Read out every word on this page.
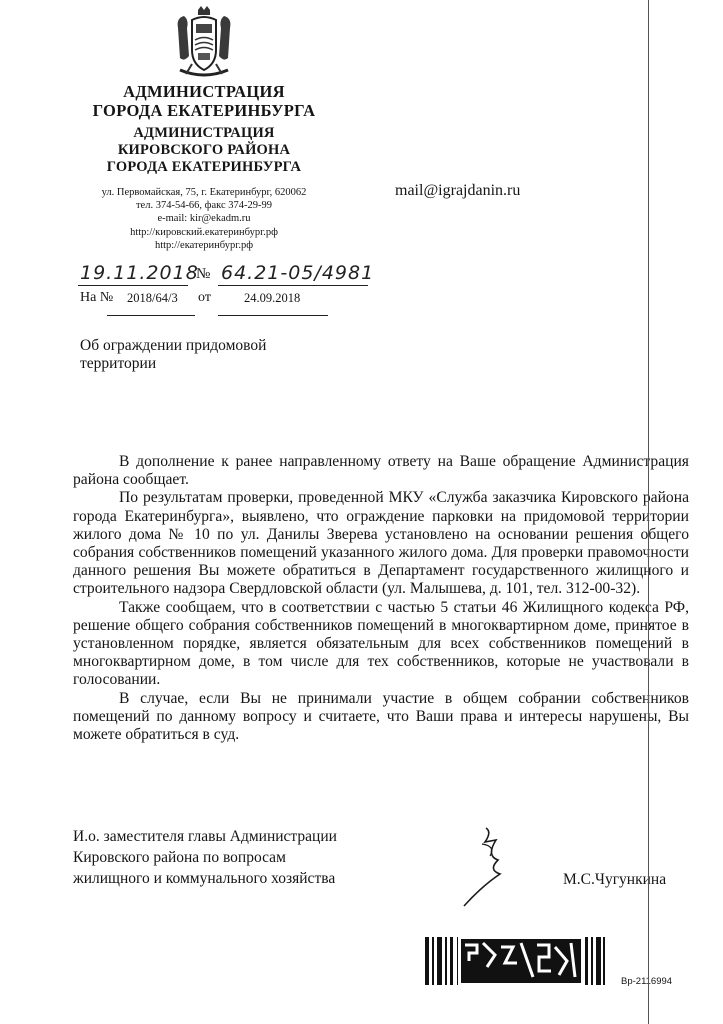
АДМИНИСТРАЦИЯ
ГОРОДА ЕКАТЕРИНБУРГА
АДМИНИСТРАЦИЯ
КИРОВСКОГО РАЙОНА
ГОРОДА ЕКАТЕРИНБУРГА
ул. Первомайская, 75, г. Екатеринбург, 620062
тел. 374-54-66, факс 374-29-99
e-mail: kir@ekadm.ru
http://кировский.екатеринбург.рф
http://екатеринбург.рф
mail@igrajdanin.ru
19.11.2018
№ 64.21-05/4981
На № 2018/64/3 от	24.09.2018
Об ограждении придомовой территории

В дополнение к ранее направленному ответу на Ваше обращение Администрация района сообщает.

По результатам проверки, проведенной МКУ «Служба заказчика Кировского района города Екатеринбурга», выявлено, что ограждение парковки на придомовой территории жилого дома № 10 по ул. Данилы Зверева установлено на основании решения общего собрания собственников помещений указанного жилого дома. Для проверки правомочности данного решения Вы можете обратиться в Департамент государственного жилищного и строительного надзора Свердловской области (ул. Малышева, д. 101, тел. 312-00-32).

Также сообщаем, что в соответствии с частью 5 статьи 46 Жилищного кодекса РФ, решение общего собрания собственников помещений в многоквартирном доме, принятое в установленном порядке, является обязательным для всех собственников помещений в многоквартирном доме, в том числе для тех собственников, которые не участвовали в голосовании.

В случае, если Вы не принимали участие в общем собрании собственников помещений по данному вопросу и считаете, что Ваши права и интересы нарушены, Вы можете обратиться в суд.

И.о. заместителя главы Администрации
Кировского района по вопросам
жилищного и коммунального хозяйства	М.С.Чугункина
Вр-2116994
